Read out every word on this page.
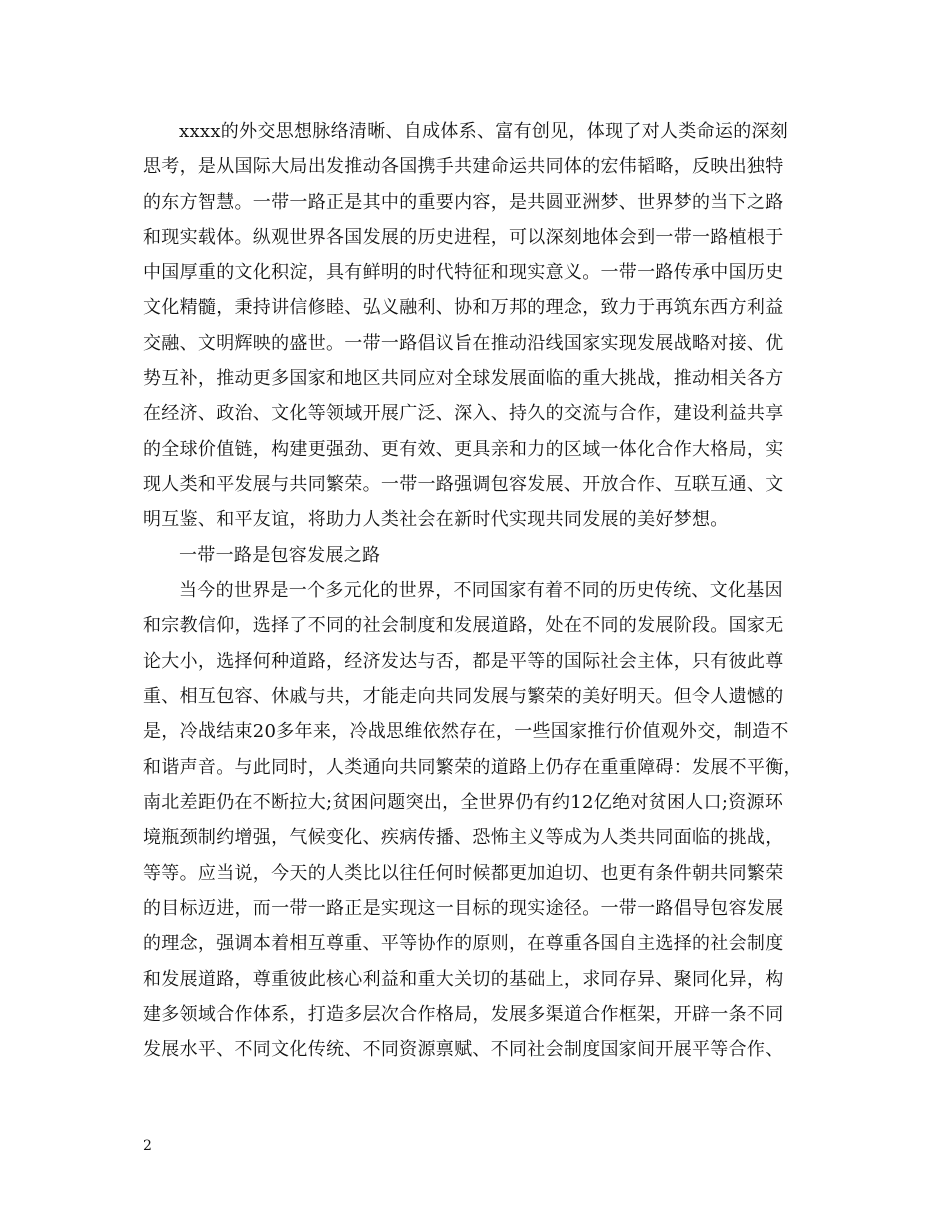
xxxx的外交思想脉络清晰、自成体系、富有创见，体现了对人类命运的深刻

思考，是从国际大局出发推动各国携手共建命运共同体的宏伟韬略，反映出独特

的东方智慧。一带一路正是其中的重要内容，是共圆亚洲梦、世界梦的当下之路

和现实载体。纵观世界各国发展的历史进程，可以深刻地体会到一带一路植根于

中国厚重的文化积淀，具有鲜明的时代特征和现实意义。一带一路传承中国历史

文化精髓，秉持讲信修睦、弘义融利、协和万邦的理念，致力于再筑东西方利益

交融、文明辉映的盛世。一带一路倡议旨在推动沿线国家实现发展战略对接、优

势互补，推动更多国家和地区共同应对全球发展面临的重大挑战，推动相关各方

在经济、政治、文化等领域开展广泛、深入、持久的交流与合作，建设利益共享

的全球价值链，构建更强劲、更有效、更具亲和力的区域一体化合作大格局，实

现人类和平发展与共同繁荣。一带一路强调包容发展、开放合作、互联互通、文

明互鉴、和平友谊，将助力人类社会在新时代实现共同发展的美好梦想。

一带一路是包容发展之路

当今的世界是一个多元化的世界，不同国家有着不同的历史传统、文化基因

和宗教信仰，选择了不同的社会制度和发展道路，处在不同的发展阶段。国家无

论大小，选择何种道路，经济发达与否，都是平等的国际社会主体，只有彼此尊

重、相互包容、休戚与共，才能走向共同发展与繁荣的美好明天。但令人遗憾的

是，冷战结束20多年来，冷战思维依然存在，一些国家推行价值观外交，制造不

和谐声音。与此同时，人类通向共同繁荣的道路上仍存在重重障碍：发展不平衡，

南北差距仍在不断拉大;贫困问题突出，全世界仍有约12亿绝对贫困人口;资源环

境瓶颈制约增强，气候变化、疾病传播、恐怖主义等成为人类共同面临的挑战，

等等。应当说，今天的人类比以往任何时候都更加迫切、也更有条件朝共同繁荣

的目标迈进，而一带一路正是实现这一目标的现实途径。一带一路倡导包容发展

的理念，强调本着相互尊重、平等协作的原则，在尊重各国自主选择的社会制度

和发展道路，尊重彼此核心利益和重大关切的基础上，求同存异、聚同化异，构

建多领域合作体系，打造多层次合作格局，发展多渠道合作框架，开辟一条不同

发展水平、不同文化传统、不同资源禀赋、不同社会制度国家间开展平等合作、

2
